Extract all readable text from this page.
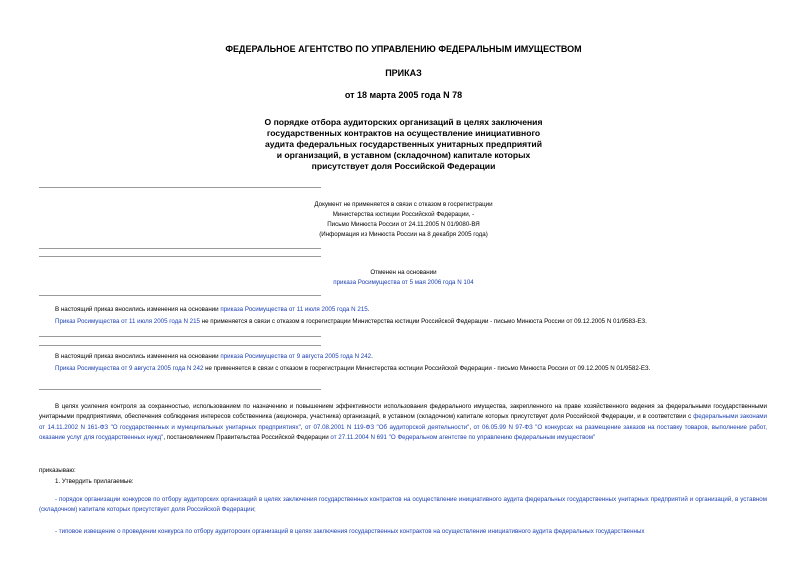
ФЕДЕРАЛЬНОЕ АГЕНТСТВО ПО УПРАВЛЕНИЮ ФЕДЕРАЛЬНЫМ ИМУЩЕСТВОМ
ПРИКАЗ
от 18 марта 2005 года N 78
О порядке отбора аудиторских организаций в целях заключения
государственных контрактов на осуществление инициативного
аудита федеральных государственных унитарных предприятий
и организаций, в уставном (складочном) капитале которых
присутствует доля Российской Федерации
Документ не применяется в связи с отказом в госрегистрации
Министерства юстиции Российской Федерации, -
Письмо Минюста России от 24.11.2005 N 01/9080-ВЯ
(Информация из Минюста России на 8 декабря 2005 года)
Отменен на основании
приказа Росимущества от 5 мая 2006 года N 104
В настоящий приказ вносились изменения на основании приказа Росимущества от 11 июля 2005 года N 215.
Приказ Росимущества от 11 июля 2005 года N 215 не применяется в связи с отказом в госрегистрации Министерства юстиции Российской Федерации - письмо Минюста России от 09.12.2005 N 01/9583-ЕЗ.
В настоящий приказ вносились изменения на основании приказа Росимущества от 9 августа 2005 года N 242.
Приказ Росимущества от 9 августа 2005 года N 242 не применяется в связи с отказом в госрегистрации Министерства юстиции Российской Федерации - письмо Минюста России от 09.12.2005 N 01/9582-ЕЗ.
В целях усиления контроля за сохранностью, использованием по назначению и повышением эффективности использования федерального имущества, закрепленного на праве хозяйственного ведения за федеральными государственными унитарными предприятиями, обеспечения соблюдения интересов собственника (акционера, участника) организаций, в уставном (складочном) капитале которых присутствует доля Российской Федерации, и в соответствии с федеральными законами от 14.11.2002 N 161-ФЗ "О государственных и муниципальных унитарных предприятиях", от 07.08.2001 N 119-ФЗ "Об аудиторской деятельности", от 06.05.99 N 97-ФЗ "О конкурсах на размещение заказов на поставку товаров, выполнение работ, оказание услуг для государственных нужд", постановлением Правительства Российской Федерации от 27.11.2004 N 691 "О Федеральном агентстве по управлению федеральным имуществом"
приказываю:
1. Утвердить прилагаемые:
- порядок организации конкурсов по отбору аудиторских организаций в целях заключения государственных контрактов на осуществление инициативного аудита федеральных государственных унитарных предприятий и организаций, в уставном (складочном) капитале которых присутствует доля Российской Федерации;
- типовое извещение о проведении конкурса по отбору аудиторских организаций в целях заключения государственных контрактов на осуществление инициативного аудита федеральных государственных
